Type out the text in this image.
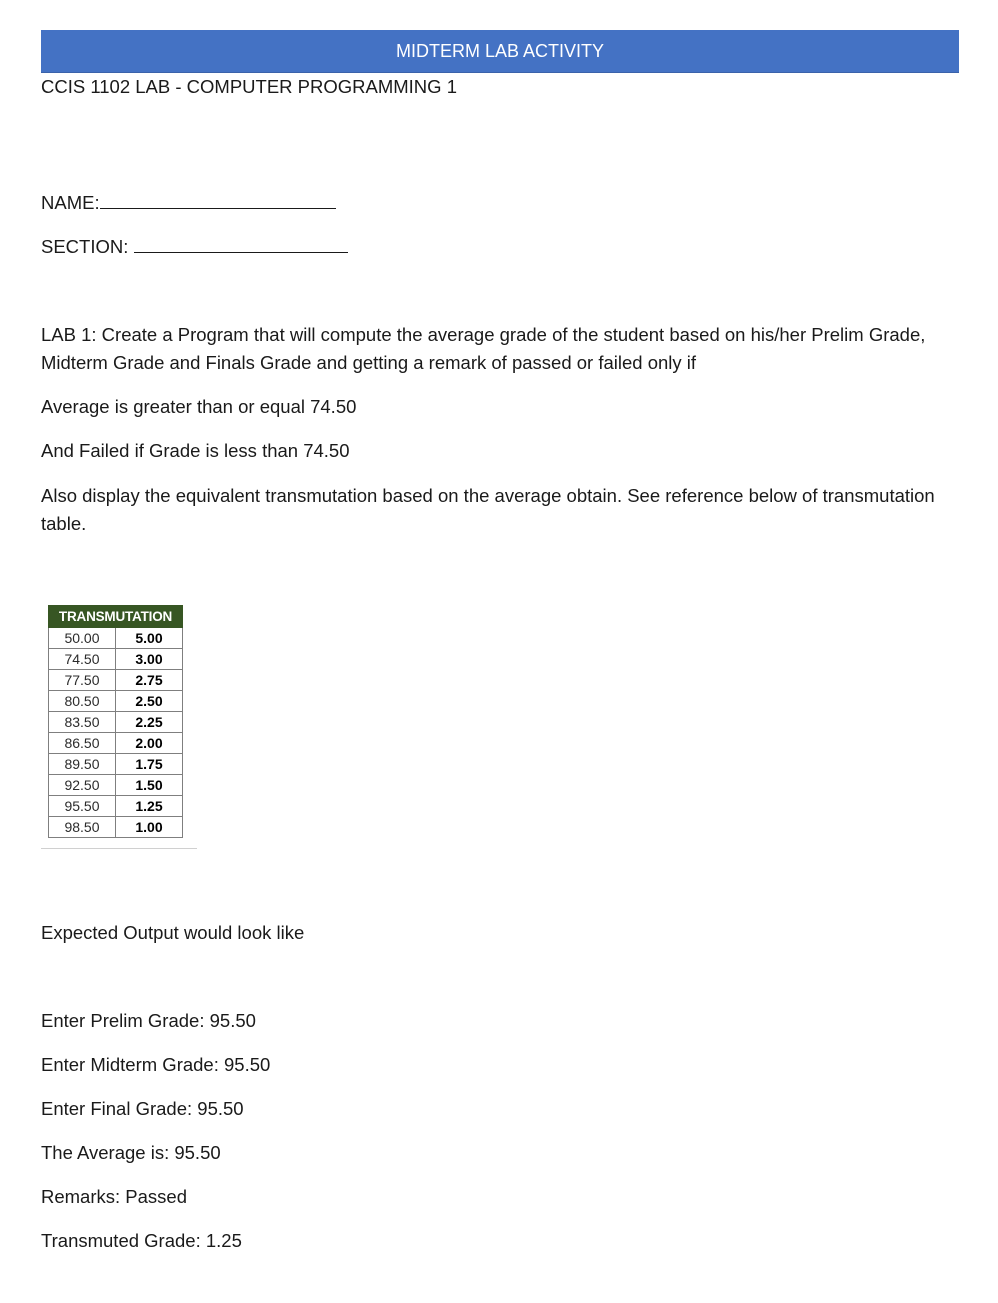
MIDTERM LAB ACTIVITY
CCIS 1102 LAB - COMPUTER PROGRAMMING 1
NAME:
SECTION:
LAB 1: Create a Program that will compute the average grade of the student based on his/her Prelim Grade, Midterm Grade and Finals Grade and getting a remark of passed or failed only if
Average is greater than or equal 74.50
And Failed if Grade is less than 74.50
Also display the equivalent transmutation based on the average obtain. See reference below of transmutation table.
TRANSMUTATION	
50.00	5.00
74.50	3.00
77.50	2.75
80.50	2.50
83.50	2.25
86.50	2.00
89.50	1.75
92.50	1.50
95.50	1.25
98.50	1.00
Expected Output would look like
Enter Prelim Grade: 95.50
Enter Midterm Grade: 95.50
Enter Final Grade: 95.50
The Average is: 95.50
Remarks: Passed
Transmuted Grade: 1.25
